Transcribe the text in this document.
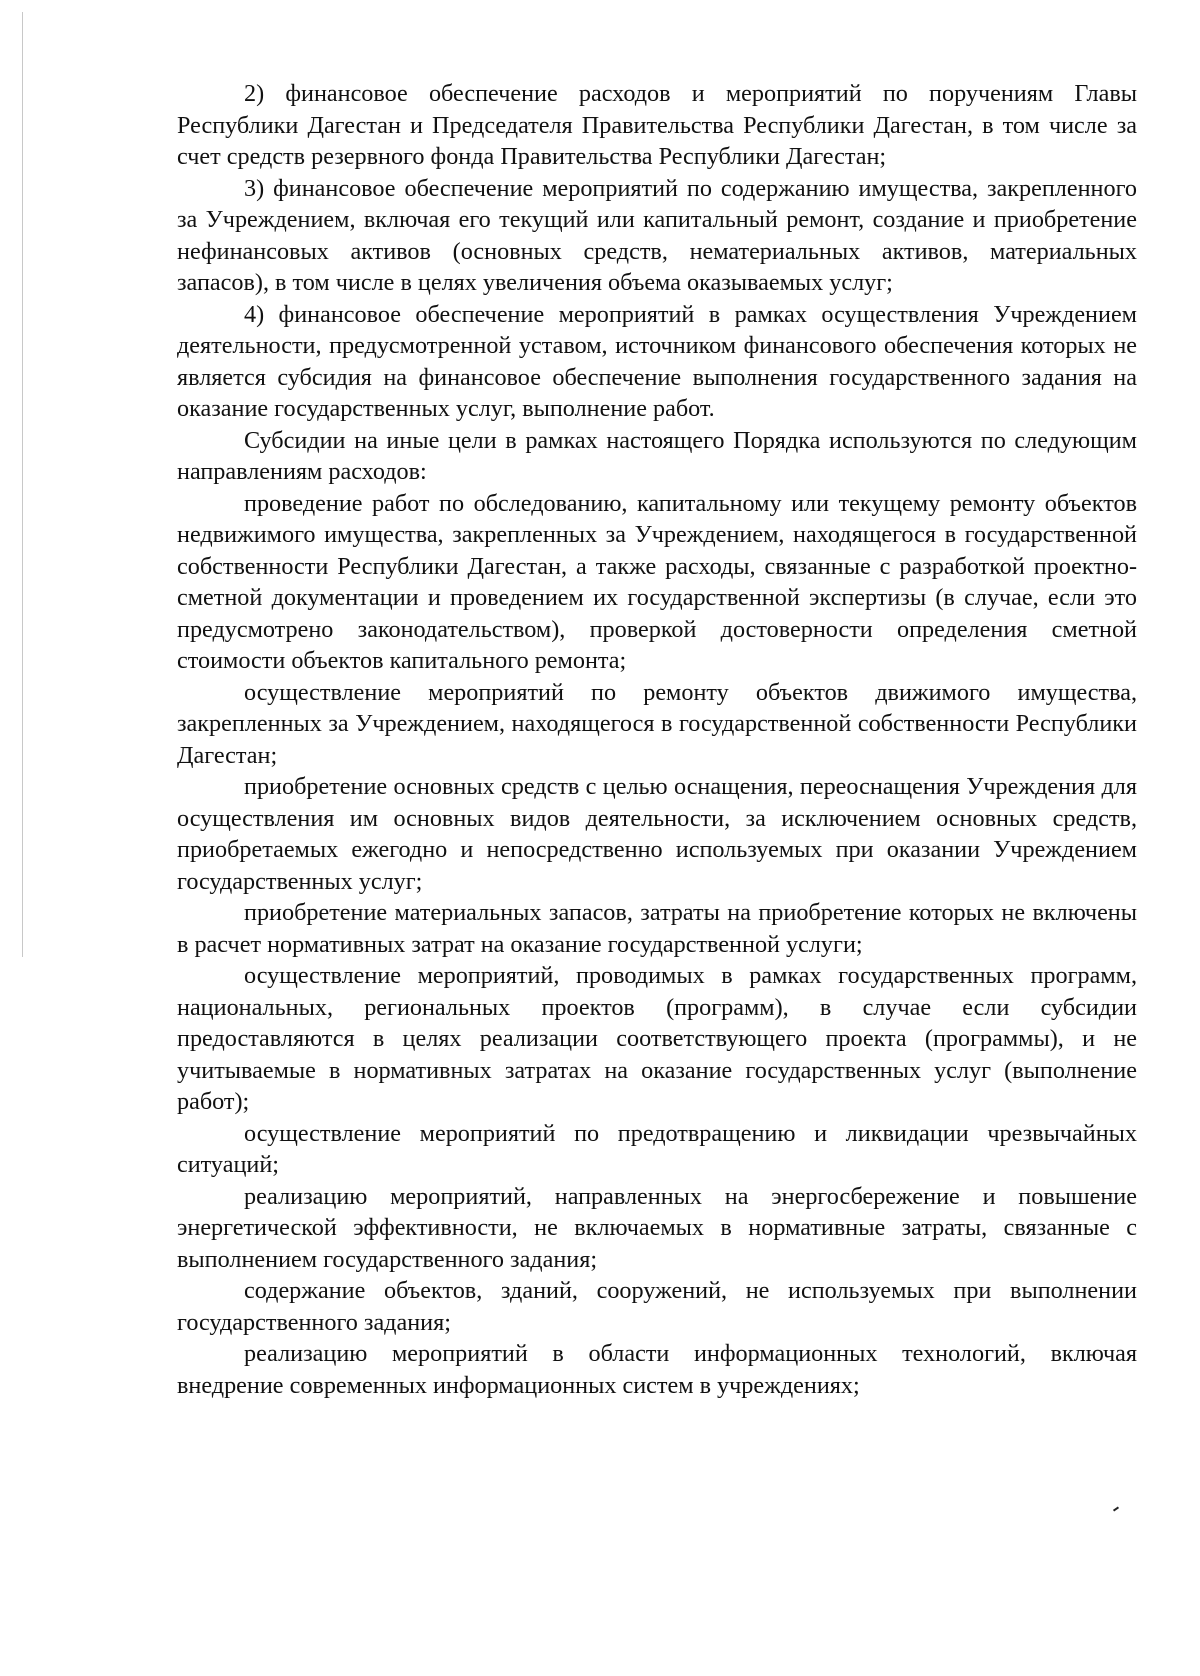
2) финансовое обеспечение расходов и мероприятий по поручениям Главы Республики Дагестан и Председателя Правительства Республики Дагестан, в том числе за счет средств резервного фонда Правительства Республики Дагестан;

3) финансовое обеспечение мероприятий по содержанию имущества, закрепленного за Учреждением, включая его текущий или капитальный ремонт, создание и приобретение нефинансовых активов (основных средств, нематериальных активов, материальных запасов), в том числе в целях увеличения объема оказываемых услуг;

4) финансовое обеспечение мероприятий в рамках осуществления Учреждением деятельности, предусмотренной уставом, источником финансового обеспечения которых не является субсидия на финансовое обеспечение выполнения государственного задания на оказание государственных услуг, выполнение работ.

Субсидии на иные цели в рамках настоящего Порядка используются по следующим направлениям расходов:

проведение работ по обследованию, капитальному или текущему ремонту объектов недвижимого имущества, закрепленных за Учреждением, находящегося в государственной собственности Республики Дагестан, а также расходы, связанные с разработкой проектно-сметной документации и проведением их государственной экспертизы (в случае, если это предусмотрено законодательством), проверкой достоверности определения сметной стоимости объектов капитального ремонта;

осуществление мероприятий по ремонту объектов движимого имущества, закрепленных за Учреждением, находящегося в государственной собственности Республики Дагестан;

приобретение основных средств с целью оснащения, переоснащения Учреждения для осуществления им основных видов деятельности, за исключением основных средств, приобретаемых ежегодно и непосредственно используемых при оказании Учреждением государственных услуг;

приобретение материальных запасов, затраты на приобретение которых не включены в расчет нормативных затрат на оказание государственной услуги;

осуществление мероприятий, проводимых в рамках государственных программ, национальных, региональных проектов (программ), в случае если субсидии предоставляются в целях реализации соответствующего проекта (программы), и не учитываемые в нормативных затратах на оказание государственных услуг (выполнение работ);

осуществление мероприятий по предотвращению и ликвидации чрезвычайных ситуаций;

реализацию мероприятий, направленных на энергосбережение и повышение энергетической эффективности, не включаемых в нормативные затраты, связанные с выполнением государственного задания;

содержание объектов, зданий, сооружений, не используемых при выполнении государственного задания;

реализацию мероприятий в области информационных технологий, включая внедрение современных информационных систем в учреждениях;
